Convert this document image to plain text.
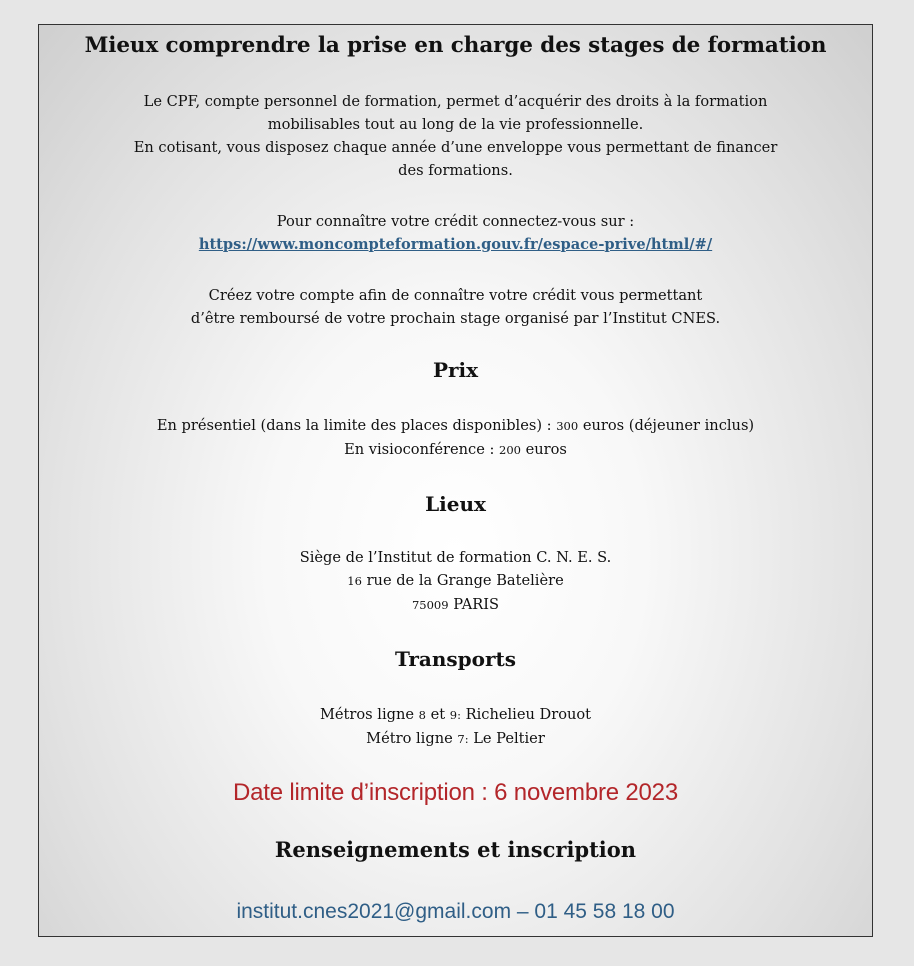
Mieux comprendre la prise en charge des stages de formation
Le CPF, compte personnel de formation, permet d’acquérir des droits à la formation
mobilisables tout au long de la vie professionnelle.
En cotisant, vous disposez chaque année d’une enveloppe vous permettant de financer
des formations.
Pour connaître votre crédit connectez-vous sur :
https://www.moncompteformation.gouv.fr/espace-prive/html/#/
Créez votre compte afin de connaître votre crédit vous permettant
d’être remboursé de votre prochain stage organisé par l’Institut CNES.
Prix
En présentiel (dans la limite des places disponibles) : 300 euros (déjeuner inclus)
En visioconférence : 200 euros
Lieux
Siège de l’Institut de formation C. N. E. S.
16 rue de la Grange Batelière
75009 PARIS
Transports
Métros ligne 8 et 9: Richelieu Drouot
Métro ligne 7: Le Peltier
Date limite d’inscription : 6 novembre 2023
Renseignements et inscription
institut.cnes2021@gmail.com – 01 45 58 18 00
